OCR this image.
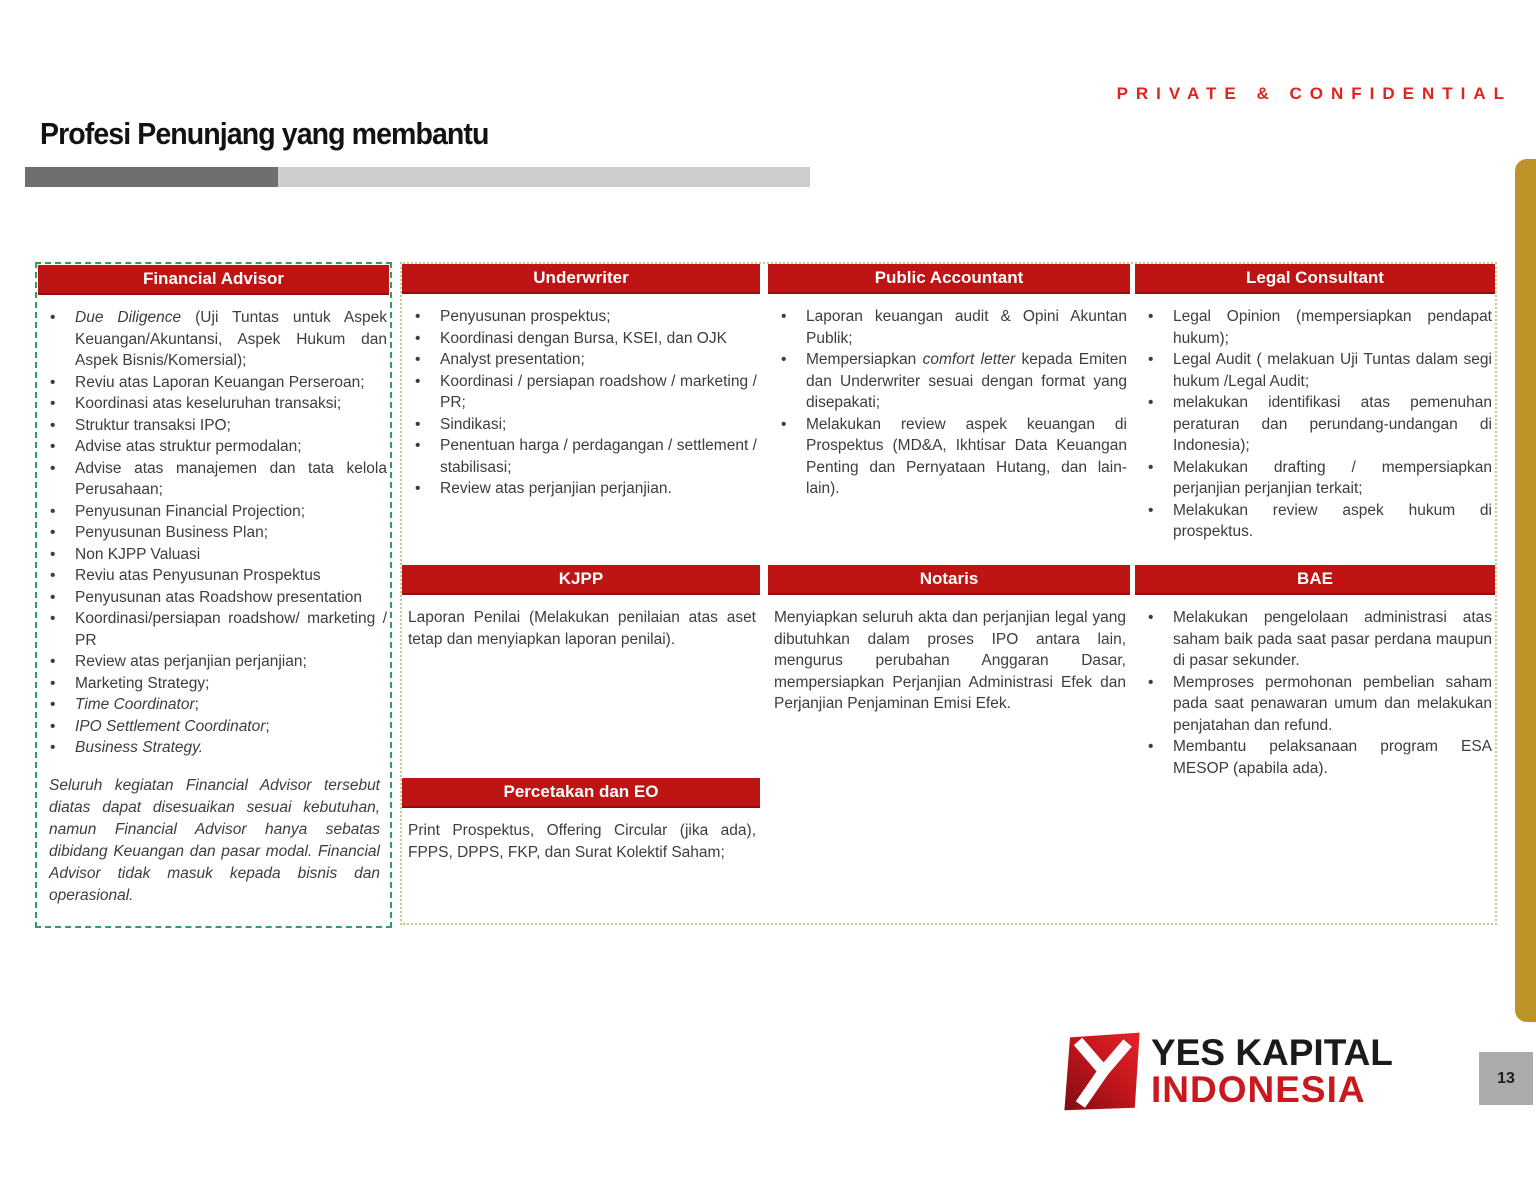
PRIVATE & CONFIDENTIAL
Profesi Penunjang yang membantu
Financial Advisor
• Due Diligence (Uji Tuntas untuk Aspek Keuangan/Akuntansi, Aspek Hukum dan Aspek Bisnis/Komersial);
• Reviu atas Laporan Keuangan Perseroan;
• Koordinasi atas keseluruhan transaksi;
• Struktur transaksi IPO;
• Advise atas struktur permodalan;
• Advise atas manajemen dan tata kelola Perusahaan;
• Penyusunan Financial Projection;
• Penyusunan Business Plan;
• Non KJPP Valuasi
• Reviu atas Penyusunan Prospektus
• Penyusunan atas Roadshow presentation
• Koordinasi/persiapan roadshow/ marketing / PR
• Review atas perjanjian perjanjian;
• Marketing Strategy;
• Time Coordinator;
• IPO Settlement Coordinator;
• Business Strategy.

Seluruh kegiatan Financial Advisor tersebut diatas dapat disesuaikan sesuai kebutuhan, namun Financial Advisor hanya sebatas dibidang Keuangan dan pasar modal. Financial Advisor tidak masuk kepada bisnis dan operasional.

Underwriter
• Penyusunan prospektus;
• Koordinasi dengan Bursa, KSEI, dan OJK
• Analyst presentation;
• Koordinasi / persiapan roadshow / marketing / PR;
• Sindikasi;
• Penentuan harga / perdagangan / settlement / stabilisasi;
• Review atas perjanjian perjanjian.
Public Accountant
• Laporan keuangan audit & Opini Akuntan Publik;
• Mempersiapkan comfort letter kepada Emiten dan Underwriter sesuai dengan format yang disepakati;
• Melakukan review aspek keuangan di Prospektus (MD&A, Ikhtisar Data Keuangan Penting dan Pernyataan Hutang, dan lain-lain).
Legal Consultant
• Legal Opinion (mempersiapkan pendapat hukum);
• Legal Audit ( melakuan Uji Tuntas dalam segi hukum /Legal Audit;
• melakukan identifikasi atas pemenuhan peraturan dan perundang-undangan di Indonesia);
• Melakukan drafting / mempersiapkan perjanjian perjanjian terkait;
• Melakukan review aspek hukum di prospektus.
KJPP

Laporan Penilai (Melakukan penilaian atas aset tetap dan menyiapkan laporan penilai).

Notaris

Menyiapkan seluruh akta dan perjanjian legal yang dibutuhkan dalam proses IPO antara lain, mengurus perubahan Anggaran Dasar, mempersiapkan Perjanjian Administrasi Efek dan Perjanjian Penjaminan Emisi Efek.

BAE
• Melakukan pengelolaan administrasi atas saham baik pada saat pasar perdana maupun di pasar sekunder.
• Memproses permohonan pembelian saham pada saat penawaran umum dan melakukan penjatahan dan refund.
• Membantu pelaksanaan program ESA MESOP (apabila ada).
Percetakan dan EO

Print Prospektus, Offering Circular (jika ada), FPPS, DPPS, FKP, dan Surat Kolektif Saham;

YES KAPITAL
INDONESIA	13
